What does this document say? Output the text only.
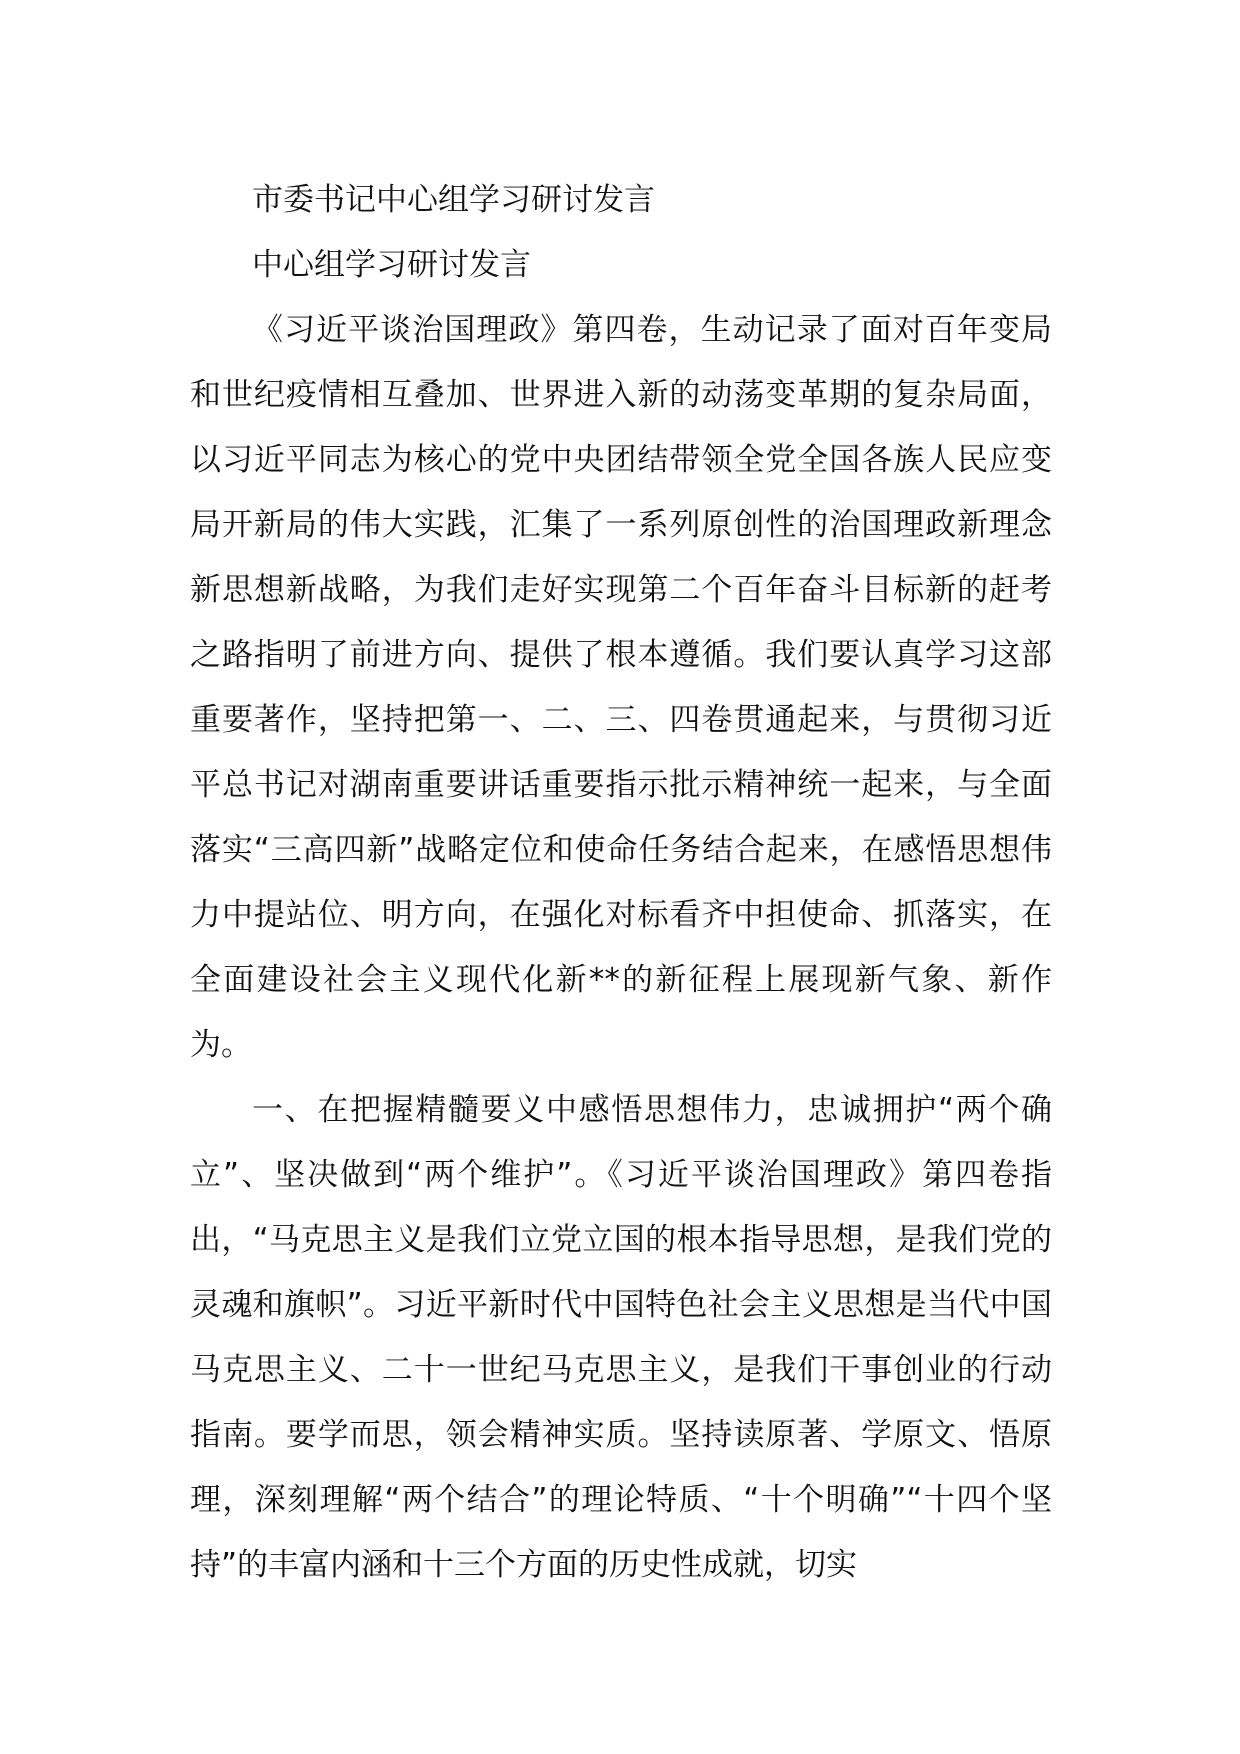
市委书记中心组学习研讨发言

中心组学习研讨发言

《习近平谈治国理政》第四卷，生动记录了面对百年变局和世纪疫情相互叠加、世界进入新的动荡变革期的复杂局面，以习近平同志为核心的党中央团结带领全党全国各族人民应变局开新局的伟大实践，汇集了一系列原创性的治国理政新理念新思想新战略，为我们走好实现第二个百年奋斗目标新的赶考之路指明了前进方向、提供了根本遵循。我们要认真学习这部重要著作，坚持把第一、二、三、四卷贯通起来，与贯彻习近平总书记对湖南重要讲话重要指示批示精神统一起来，与全面落实“三高四新”战略定位和使命任务结合起来，在感悟思想伟力中提站位、明方向，在强化对标看齐中担使命、抓落实，在全面建设社会主义现代化新**的新征程上展现新气象、新作为。

一、在把握精髓要义中感悟思想伟力，忠诚拥护“两个确立”、坚决做到“两个维护”。《习近平谈治国理政》第四卷指出，“马克思主义是我们立党立国的根本指导思想，是我们党的灵魂和旗帜”。习近平新时代中国特色社会主义思想是当代中国马克思主义、二十一世纪马克思主义，是我们干事创业的行动指南。要学而思，领会精神实质。坚持读原著、学原文、悟原理，深刻理解“两个结合”的理论特质、“十个明确”“十四个坚持”的丰富内涵和十三个方面的历史性成就，切实
